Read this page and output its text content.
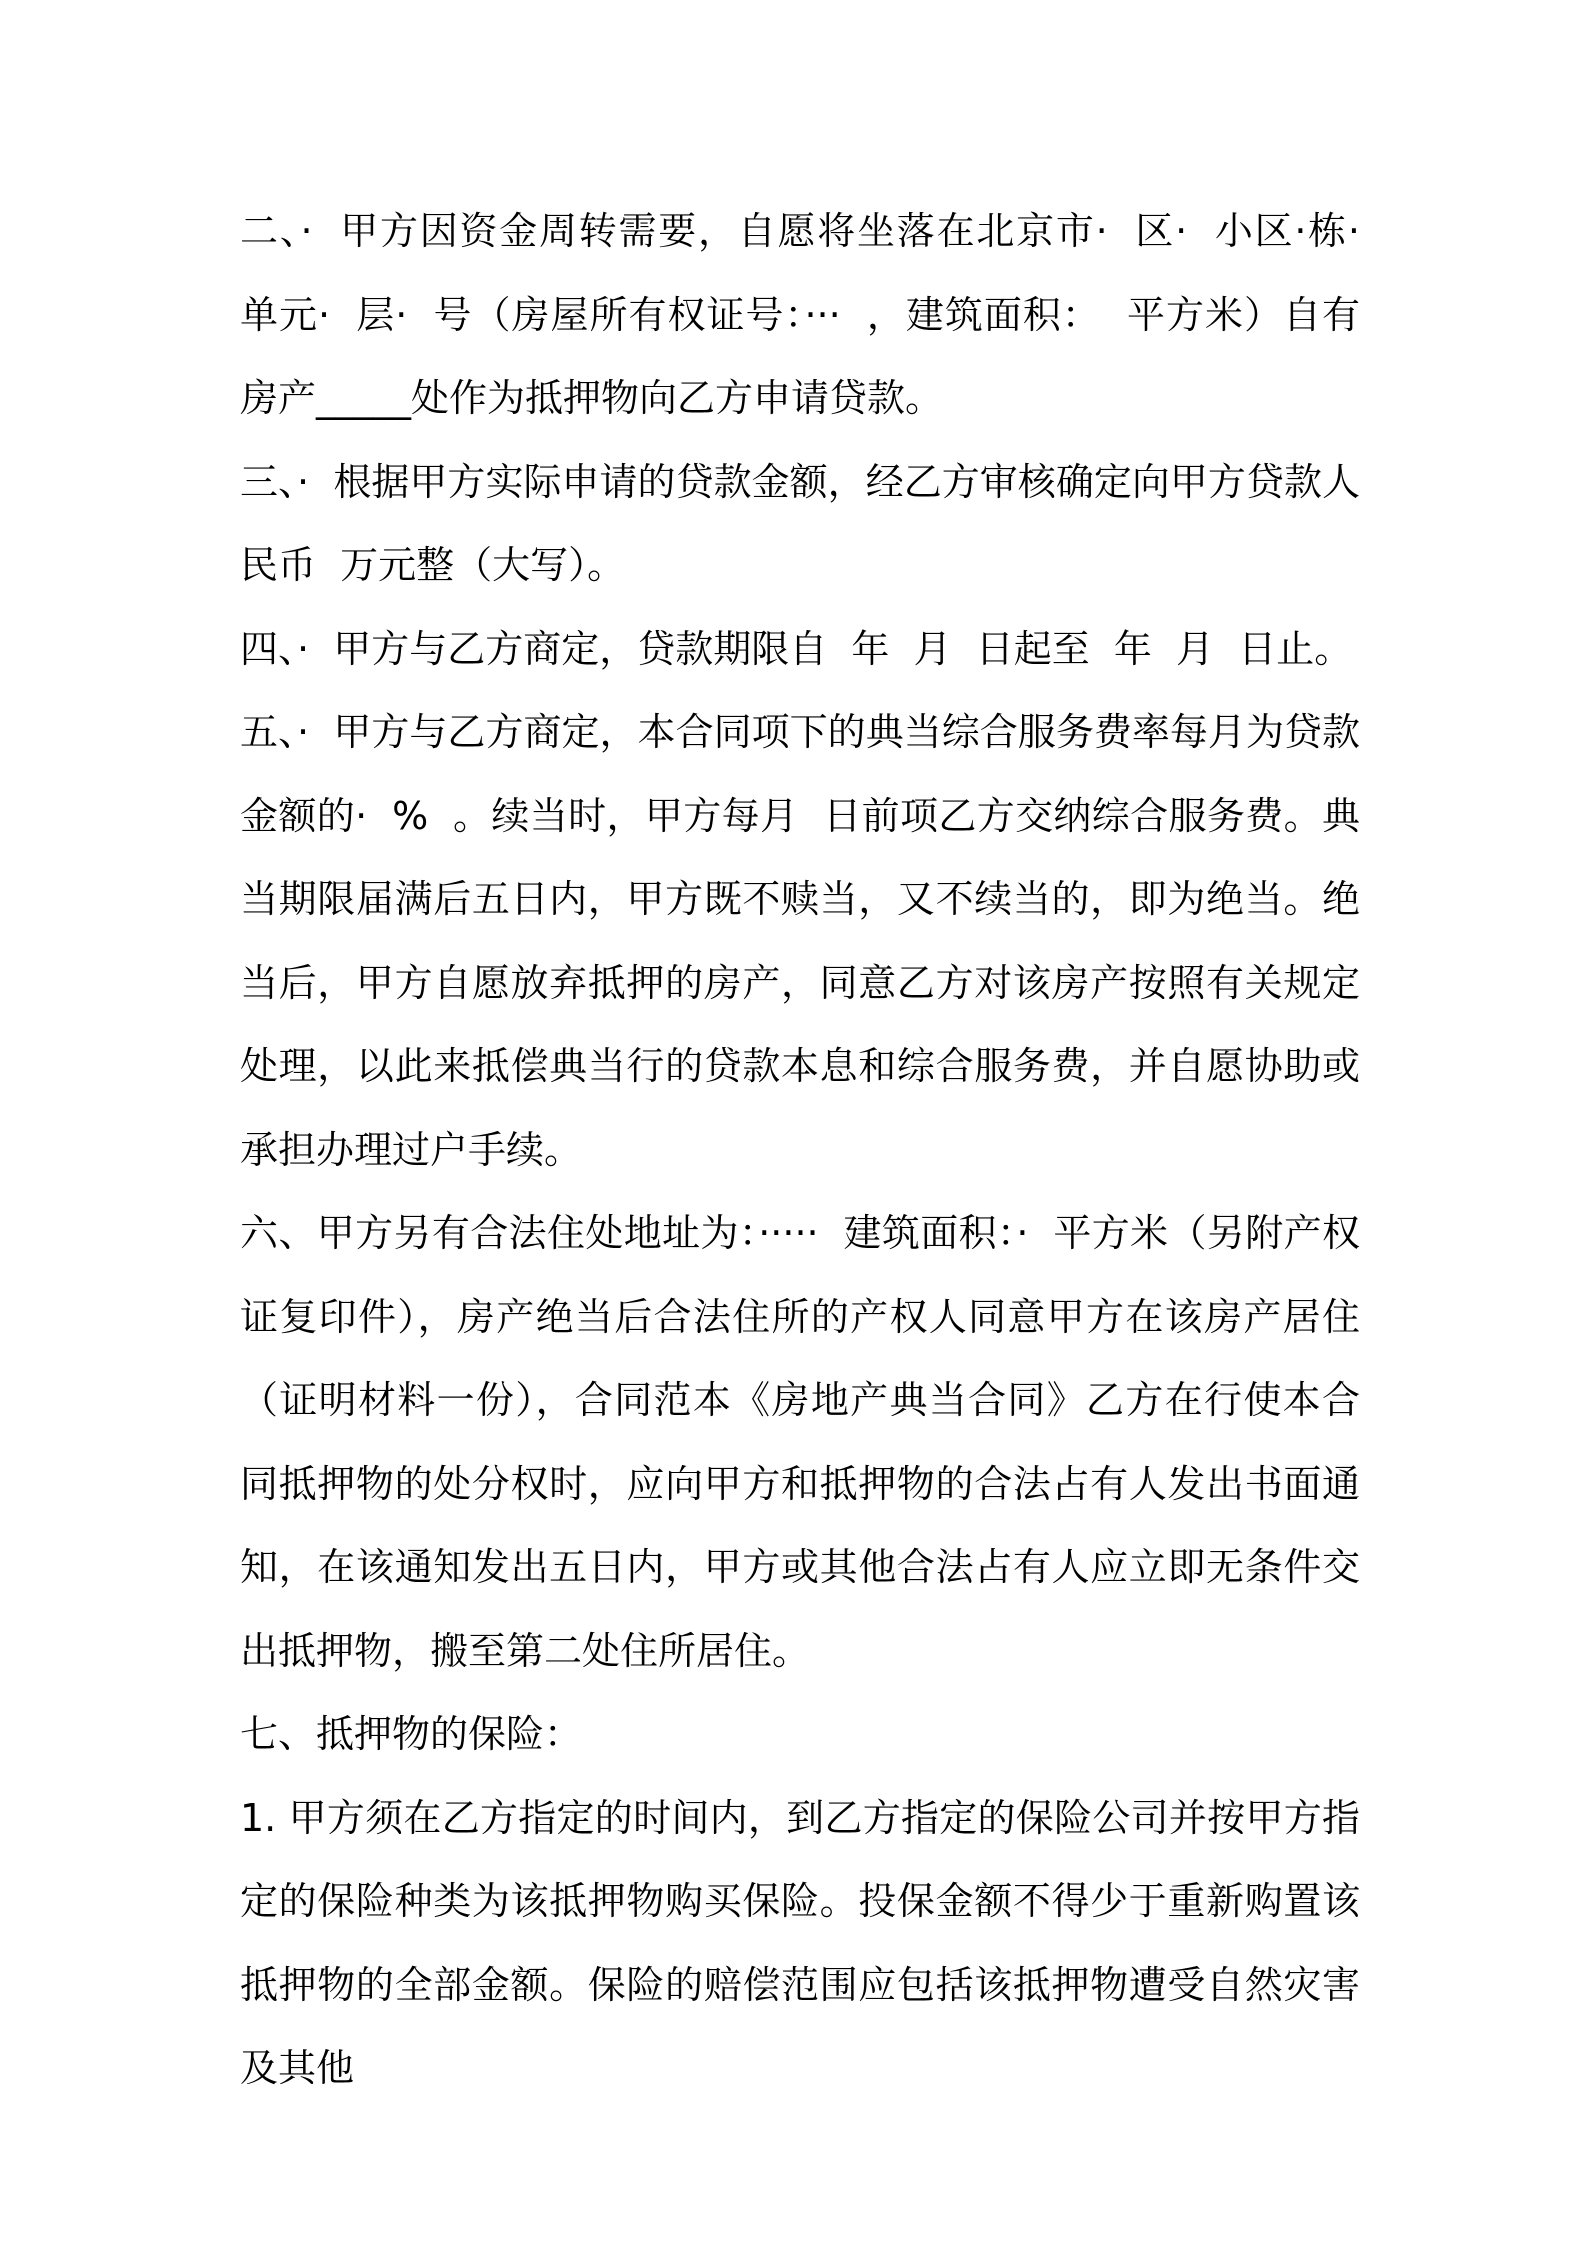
二、·  甲方因资金周转需要，自愿将坐落在北京市·  区·  小区·栋·  单元·  层·  号（房屋所有权证号：···  ，建筑面积：  平方米）自有房产_____处作为抵押物向乙方申请贷款。

三、·  根据甲方实际申请的贷款金额，经乙方审核确定向甲方贷款人民币  万元整（大写）。

四、·  甲方与乙方商定，贷款期限自  年  月  日起至  年  月  日止。

五、·  甲方与乙方商定，本合同项下的典当综合服务费率每月为贷款金额的·  %  。续当时，甲方每月  日前项乙方交纳综合服务费。典当期限届满后五日内，甲方既不赎当，又不续当的，即为绝当。绝当后，甲方自愿放弃抵押的房产，同意乙方对该房产按照有关规定处理，以此来抵偿典当行的贷款本息和综合服务费，并自愿协助或承担办理过户手续。

六、甲方另有合法住处地址为：·····  建筑面积：·  平方米（另附产权证复印件），房产绝当后合法住所的产权人同意甲方在该房产居住（证明材料一份），合同范本《房地产典当合同》乙方在行使本合同抵押物的处分权时，应向甲方和抵押物的合法占有人发出书面通知，在该通知发出五日内，甲方或其他合法占有人应立即无条件交出抵押物，搬至第二处住所居住。

七、抵押物的保险：

1. 甲方须在乙方指定的时间内，到乙方指定的保险公司并按甲方指定的保险种类为该抵押物购买保险。投保金额不得少于重新购置该抵押物的全部金额。保险的赔偿范围应包括该抵押物遭受自然灾害及其他
